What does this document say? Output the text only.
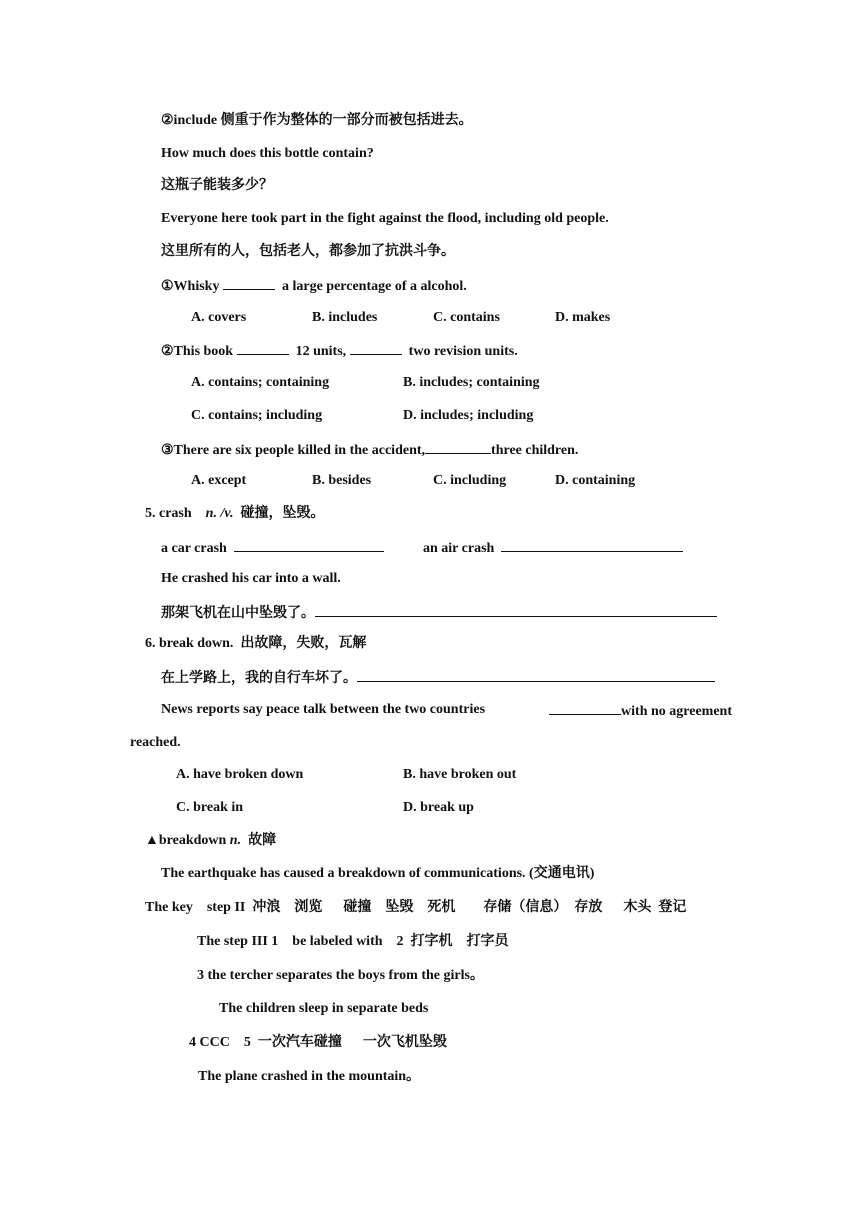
②include 侧重于作为整体的一部分而被包括进去。
How much does this bottle contain?
这瓶子能装多少？
Everyone here took part in the fight against the flood, including old people.
这里所有的人，包括老人，都参加了抗洪斗争。
①Whisky	a large percentage of a alcohol.
A. covers	B. includes	C. contains	D. makes
②This book	12 units,	two revision units.
A. contains; containing	B. includes; containing
C. contains; including	D. includes; including
③There are six people killed in the accident,	three children.
A. except	B. besides	C. including	D. containing
5. crash n. /v. 碰撞，坠毁。
a car crash	an air crash
He crashed his car into a wall.
那架飞机在山中坠毁了。
6. break down. 出故障，失败，瓦解
在上学路上，我的自行车坏了。
News reports say peace talk between the two countries	with no agreement
reached.
A. have broken down	B. have broken out
C. break in	D. break up
▲breakdown n. 故障
The earthquake has caused a breakdown of communications. (交通电讯)
The key    step II  冲浪    浏览      碰撞    坠毁    死机        存储（信息）  存放      木头  登记
The step III 1    be labeled with    2  打字机    打字员
3 the tercher separates the boys from the girls。
The children sleep in separate beds
4 CCC    5  一次汽车碰撞      一次飞机坠毁
The plane crashed in the mountain。
